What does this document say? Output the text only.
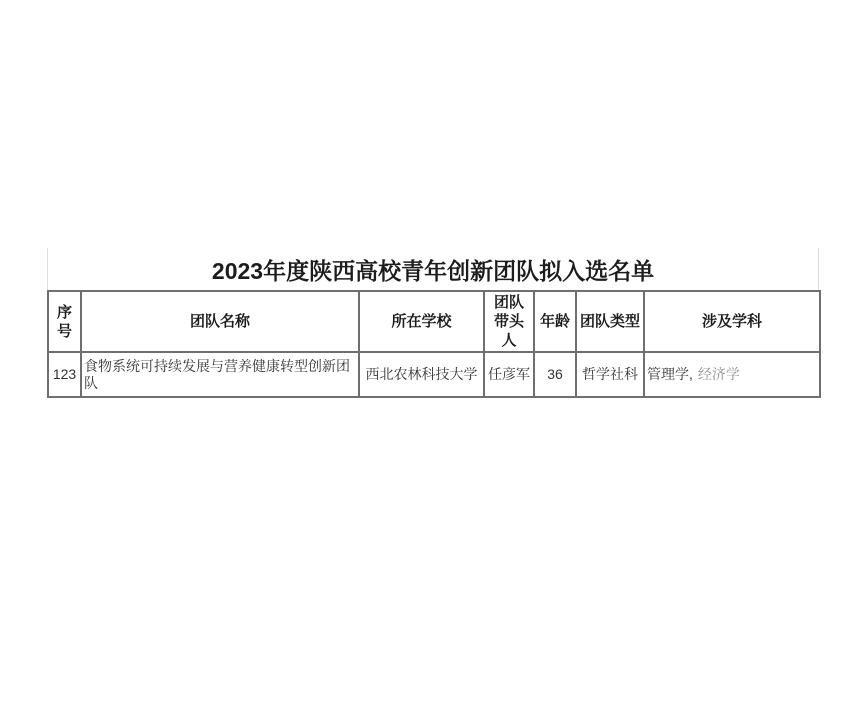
2023年度陕西高校青年创新团队拟入选名单
序号	团队名称	所在学校	团队带头人	年龄	团队类型	涉及学科
123	食物系统可持续发展与营养健康转型创新团队	西北农林科技大学	任彦军	36	哲学社科	管理学, 经济学
